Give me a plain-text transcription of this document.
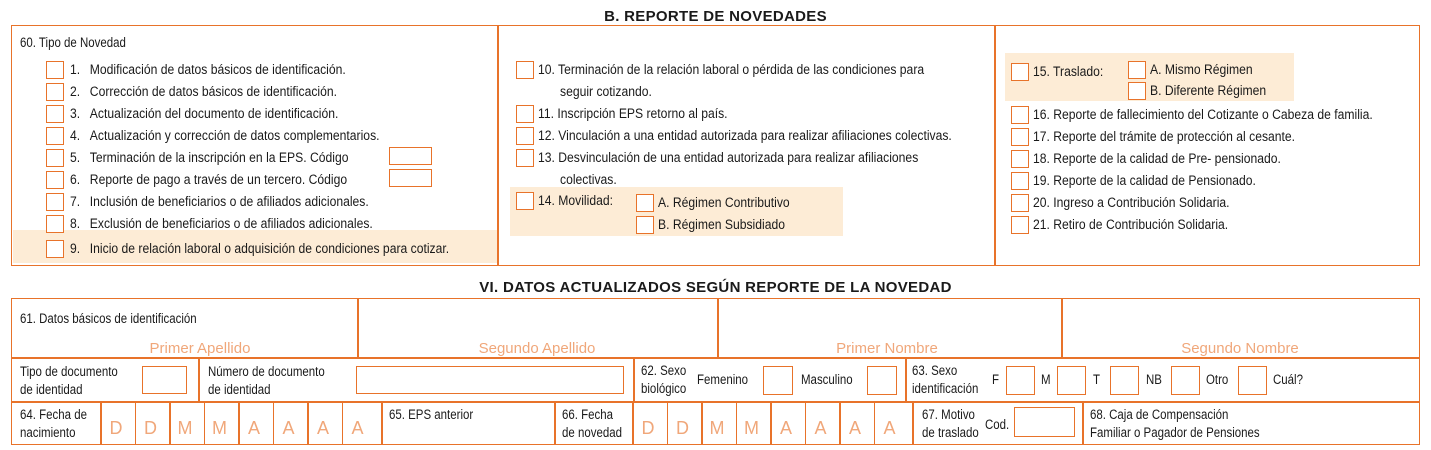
B. REPORTE DE NOVEDADES
60. Tipo de Novedad
1. Modificación de datos básicos de identificación.
2. Corrección de datos básicos de identificación.
3. Actualización del documento de identificación.
4. Actualización y corrección de datos complementarios.
5. Terminación de la inscripción en la EPS. Código
6. Reporte de pago a través de un tercero. Código
7. Inclusión de beneficiarios o de afiliados adicionales.
8. Exclusión de beneficiarios o de afiliados adicionales.
9. Inicio de relación laboral o adquisición de condiciones para cotizar.
10. Terminación de la relación laboral o pérdida de las condiciones para
seguir cotizando.
11. Inscripción EPS retorno al país.
12. Vinculación a una entidad autorizada para realizar afiliaciones colectivas.
13. Desvinculación de una entidad autorizada para realizar afiliaciones
colectivas.
14. Movilidad:	A. Régimen Contributivo
B. Régimen Subsidiado
15. Traslado:	A. Mismo Régimen
B. Diferente Régimen
16. Reporte de fallecimiento del Cotizante o Cabeza de familia.
17. Reporte del trámite de protección al cesante.
18. Reporte de la calidad de Pre- pensionado.
19. Reporte de la calidad de Pensionado.
20. Ingreso a Contribución Solidaria.
21. Retiro de Contribución Solidaria.
VI. DATOS ACTUALIZADOS SEGÚN REPORTE DE LA NOVEDAD
61. Datos básicos de identificación
Primer Apellido	Segundo Apellido	Primer Nombre	Segundo Nombre
Tipo de documento
de identidad
Número de documento
de identidad
62. Sexo
biológico
Femenino	Masculino
63. Sexo
identificación
F	M	T	NB	Otro	Cuál?
64. Fecha de
nacimiento	D	D	M M	A	A	A	A
65. EPS anterior	66. Fecha
de novedad	D	D	M M	A	A	A	A
67. Motivo
de traslado
Cod.
68. Caja de Compensación
Familiar o Pagador de Pensiones
